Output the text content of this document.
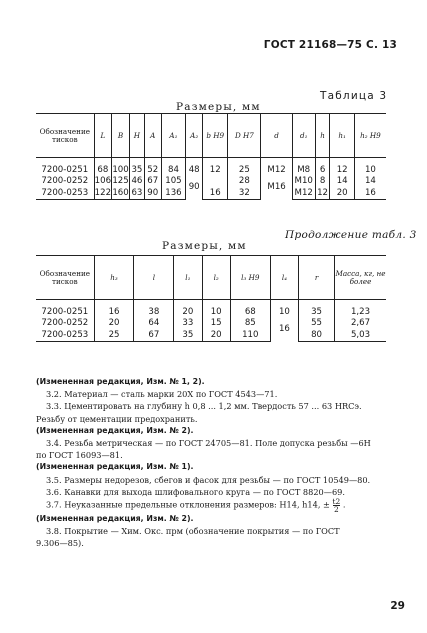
ГОСТ 21168—75 С. 13
Таблица 3
Размеры, мм
Обозначение тисков	L	B	H	A	A₁	A₂	b H9	D H7	d	d₁	h	h₁	h₂ H9
7200-0251	68	100	35	52	84	48	12	25	M12	M8	6	12	10
7200-0252	106	125	46	67	105	90		28	M16	M10	8	14	14
7200-0253	122	160	63	90	136		16	32		M12	12	20	16
Продолжение табл. 3
Размеры, мм
Обозначение тисков	h₃	l	l₁	l₂	l₃ H9	l₄	r	Масса, кг, не более
7200-0251	16	38	20	10	68	10	35	1,23
7200-0252	20	64	33	15	85	16	55	2,67
7200-0253	25	67	35	20	110		80	5,03
(Измененная редакция, Изм. № 1, 2).
3.2. Материал — сталь марки 20Х по ГОСТ 4543—71.
3.3. Цементировать на глубину h 0,8 ... 1,2 мм. Твердость 57 ... 63 HRCэ.
Резьбу от цементации предохранить.
(Измененная редакция, Изм. № 2).
3.4. Резьба метрическая — по ГОСТ 24705—81. Поле допуска резьбы —6H
по ГОСТ 16093—81.
(Измененная редакция, Изм. № 1).
3.5. Размеры недорезов, сбегов и фасок для резьбы — по ГОСТ 10549—80.
3.6. Канавки для выхода шлифовального круга — по ГОСТ 8820—69.
3.7. Неуказанные предельные отклонения размеров: H14, h14, ± $\frac{t2}{2}$ .
(Измененная редакция, Изм. № 2).
3.8. Покрытие — Хим. Окс. прм (обозначение покрытия — по ГОСТ
9.306—85).
29
